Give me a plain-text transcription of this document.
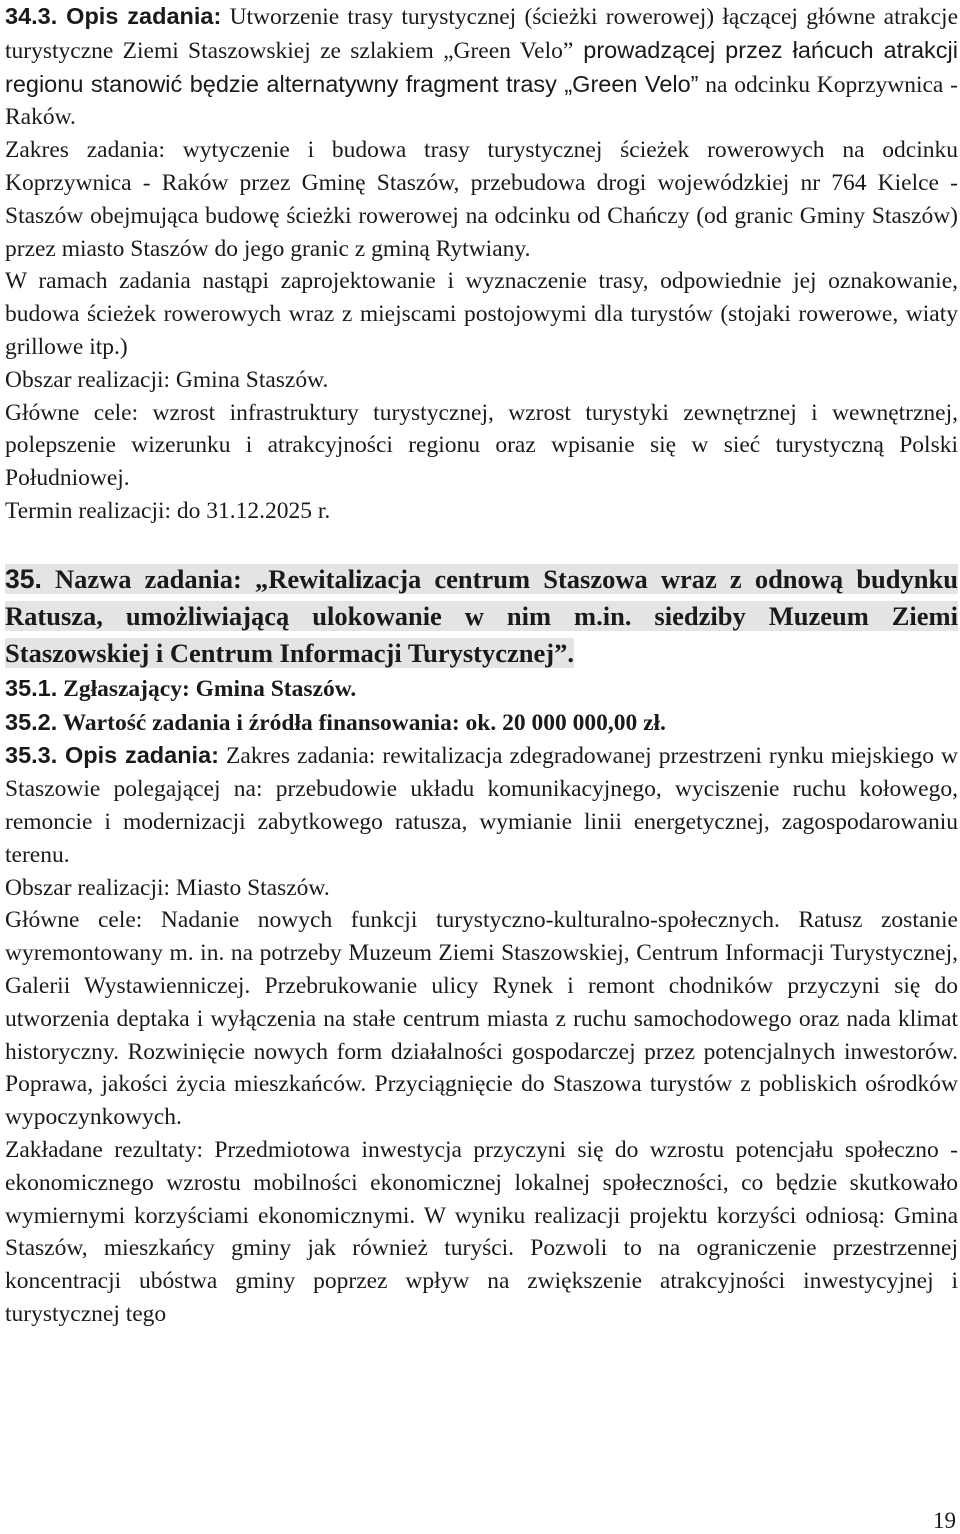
34.3. Opis zadania: Utworzenie trasy turystycznej (ścieżki rowerowej) łączącej główne atrakcje turystyczne Ziemi Staszowskiej ze szlakiem „Green Velo” prowadzącej przez łańcuch atrakcji regionu stanowić będzie alternatywny fragment trasy „Green Velo” na odcinku Koprzywnica - Raków.

Zakres zadania: wytyczenie i budowa trasy turystycznej ścieżek rowerowych na odcinku Koprzywnica - Raków przez Gminę Staszów, przebudowa drogi wojewódzkiej nr 764 Kielce - Staszów obejmująca budowę ścieżki rowerowej na odcinku od Chańczy (od granic Gminy Staszów) przez miasto Staszów do jego granic z gminą Rytwiany.

W ramach zadania nastąpi zaprojektowanie i wyznaczenie trasy, odpowiednie jej oznakowanie, budowa ścieżek rowerowych wraz z miejscami postojowymi dla turystów (stojaki rowerowe, wiaty grillowe itp.)

Obszar realizacji: Gmina Staszów.

Główne cele: wzrost infrastruktury turystycznej, wzrost turystyki zewnętrznej i wewnętrznej, polepszenie wizerunku i atrakcyjności regionu oraz wpisanie się w sieć turystyczną Polski Południowej.

Termin realizacji: do 31.12.2025 r.

35. Nazwa zadania: „Rewitalizacja centrum Staszowa wraz z odnową budynku Ratusza, umożliwiającą ulokowanie w nim m.in. siedziby Muzeum Ziemi Staszowskiej i Centrum Informacji Turystycznej”.

35.1. Zgłaszający: Gmina Staszów.

35.2. Wartość zadania i źródła finansowania: ok. 20 000 000,00 zł.

35.3. Opis zadania: Zakres zadania: rewitalizacja zdegradowanej przestrzeni rynku miejskiego w Staszowie polegającej na: przebudowie układu komunikacyjnego, wyciszenie ruchu kołowego, remoncie i modernizacji zabytkowego ratusza, wymianie linii energetycznej, zagospodarowaniu terenu.

Obszar realizacji: Miasto Staszów.

Główne cele: Nadanie nowych funkcji turystyczno-kulturalno-społecznych. Ratusz zostanie wyremontowany m. in. na potrzeby Muzeum Ziemi Staszowskiej, Centrum Informacji Turystycznej, Galerii Wystawienniczej. Przebrukowanie ulicy Rynek i remont chodników przyczyni się do utworzenia deptaka i wyłączenia na stałe centrum miasta z ruchu samochodowego oraz nada klimat historyczny. Rozwinięcie nowych form działalności gospodarczej przez potencjalnych inwestorów. Poprawa, jakości życia mieszkańców. Przyciągnięcie do Staszowa turystów z pobliskich ośrodków wypoczynkowych.

Zakładane rezultaty: Przedmiotowa inwestycja przyczyni się do wzrostu potencjału społeczno - ekonomicznego wzrostu mobilności ekonomicznej lokalnej społeczności, co będzie skutkowało wymiernymi korzyściami ekonomicznymi. W wyniku realizacji projektu korzyści odniosą: Gmina Staszów, mieszkańcy gminy jak również turyści. Pozwoli to na ograniczenie przestrzennej koncentracji ubóstwa gminy poprzez wpływ na zwiększenie atrakcyjności inwestycyjnej i turystycznej tego

19
